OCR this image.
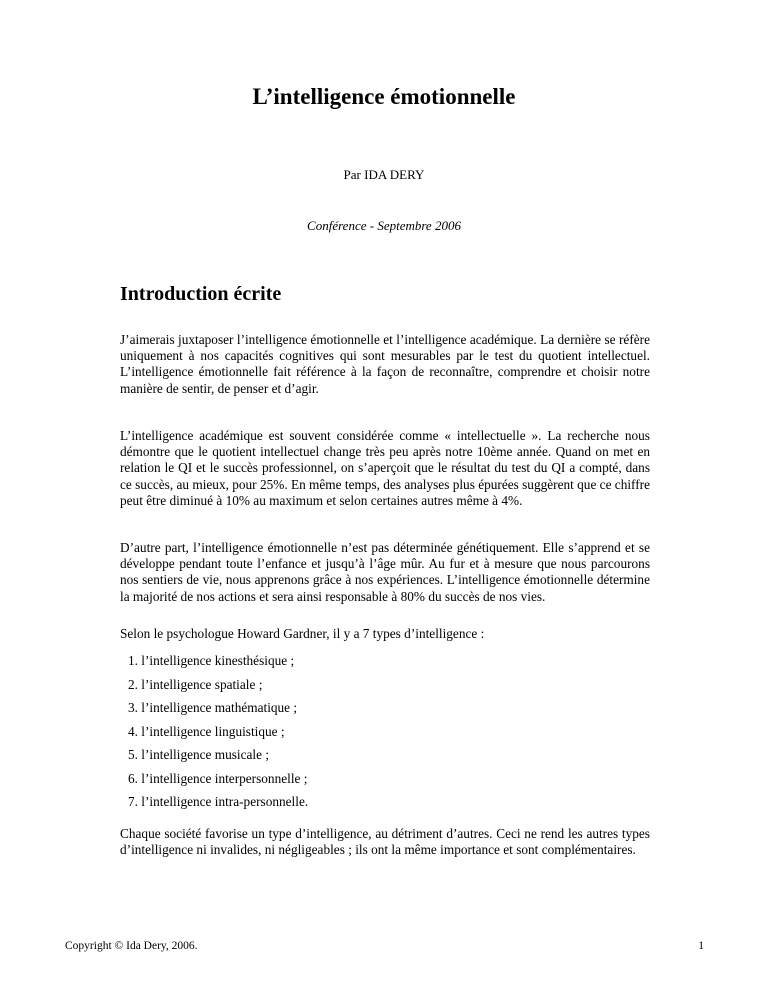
L’intelligence émotionnelle
Par IDA DERY
Conférence - Septembre 2006
Introduction écrite

J’aimerais juxtaposer l’intelligence émotionnelle et l’intelligence académique. La dernière se réfère uniquement à nos capacités cognitives qui sont mesurables par le test du quotient intellectuel. L’intelligence émotionnelle fait référence à la façon de reconnaître, comprendre et choisir notre manière de sentir, de penser et d’agir.

L’intelligence académique est souvent considérée comme « intellectuelle ». La recherche nous démontre que le quotient intellectuel change très peu après notre 10ème année. Quand on met en relation le QI et le succès professionnel, on s’aperçoit que le résultat du test du QI a compté, dans ce succès, au mieux, pour 25%. En même temps, des analyses plus épurées suggèrent que ce chiffre peut être diminué à 10% au maximum et selon certaines autres même à 4%.

D’autre part, l’intelligence émotionnelle n’est pas déterminée génétiquement. Elle s’apprend et se développe pendant toute l’enfance et jusqu’à l’âge mûr. Au fur et à mesure que nous parcourons nos sentiers de vie, nous apprenons grâce à nos expériences. L’intelligence émotionnelle détermine la majorité de nos actions et sera ainsi responsable à 80% du succès de nos vies.

Selon le psychologue Howard Gardner, il y a 7 types d’intelligence :

1. l’intelligence kinesthésique ;
2. l’intelligence spatiale ;
3. l’intelligence mathématique ;
4. l’intelligence linguistique ;
5. l’intelligence musicale ;
6. l’intelligence interpersonnelle ;
7. l’intelligence intra-personnelle.

Chaque société favorise un type d’intelligence, au détriment d’autres. Ceci ne rend les autres types d’intelligence ni invalides, ni négligeables ; ils ont la même importance et sont complémentaires.

Copyright © Ida Dery, 2006.	1
